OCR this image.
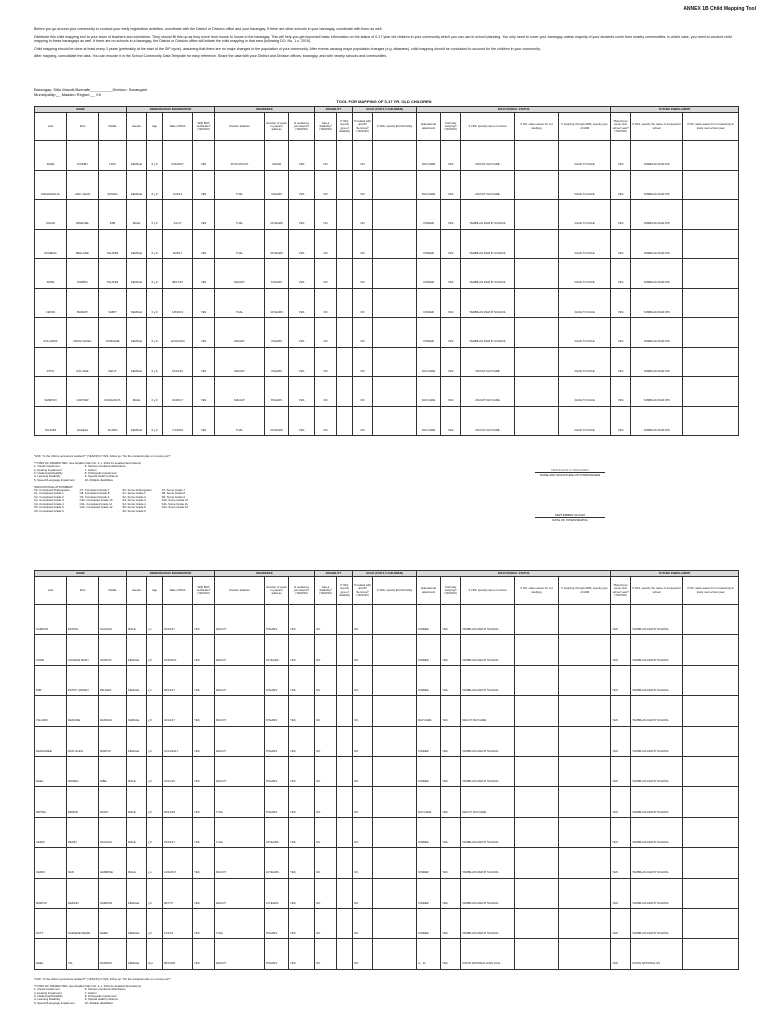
ANNEX 1B Child Mapping Tool

Before you go around your community to conduct your early registration activities, coordinate with the District or Division office and your barangay. If there are other schools in your barangay, coordinate with them as well.

Distribute this child mapping tool to your team of teachers and volunteers. They should fill this up as they move from house to house in the barangay. This will help you get important basic information on the status of 0-17 year old children in your community which you can use in school planning. You only need to cover your barangay unless majority of your students come from nearby communities, in which case, you need to conduct child mapping in these barangays as well. If there are no schools in a barangay, the District or Division office will initiate the child mapping in that area (following DO. No. 1 s. 2015).

Child mapping should be done at least every 3 years (preferably at the start of the SIP cycle), assuming that there are no major changes in the population of your community. After events causing major population changes (e.g. disasters), child mapping should be conducted to account for the children in your community.

After mapping, consolidate the data. You can encode it in the School Community Data Template for easy reference. Share the data with your District and Division offices, barangay, and with nearby schools and communities.

Barangay: Sitio Macott,Buenafe__________Division: Sarangani
Municipality:__ Maasim Region:__ XII
TOOL FOR MAPPING OF 0-17 YR. OLD CHILDREN
NAME			DEMOGRAPHIC INFORMATION				RESIDENCE			DISABILITY		ECCD (FOR 0-5 CHILDREN)		EDUCATIONAL STATUS					FUTURE ENROLLMENT		
Last	First	Middle	Gender	Age	Date of Birth	With Birth certificate? (YES/NO)	Present address	Number of years in present address	Is residence permanent? (YES/NO)	Has a disability? (YES/NO)	If YES, specify type of disability	Provided with ECCD Services? (YES/NO)	If YES, specify ECCD facility	Educational attainment	Currently studying? (YES/NO)	If YES, specify name of school	If NO, state reason for not studying	If studying through ADM, specify type of ADM	Planning to study next school year? (YES/NO)	If YES, specify the name of prospective school	If NO, state reason for not planning to study next school year
DAPE	SYDNEY	LING	FEMALE	0 y,0	9/16/2017	YES	SITIO MACOT	4YEAR	YES	NO		NO		DAYCARE	YES	MACOT DAYCARE		FACE TO FACE	YES	TAMBILAN DAM IPS	
MAGKANGUG	ARLY JEAN	SUMAN	FEMALE	0 y,0	1/26/14	YES	TUAL	4YEARS	YES	NO		NO		DAYCARE	YES	MACOT DAYCARE		FACE TO FACE	YES	TAMBILAN DAM IPS	
SULAN	JENEVIEL	DIBI	MALE	0 y,0	1/1/17	YES	TUAL	12YEARS	YES	NO		NO		KINDER	YES	TAMBILAN DAM IP SCHOOL		FACE TO FACE	YES	TAMBILAN DAM IPS	
DUMENG	BELLADE	TALANDI	FEMALE	0 y,0	9/29/17	YES	TUAL	10YEARS	YES	NO		NO		KINDER	YES	TAMBILAN DAM IP SCHOOL		FACE TO FACE	YES	TAMBILAN DAM IPS	
DAPE	DARBIA	TALANDI	FEMALE	0 y,0	08/17/12	YES	MACHIT	5YEARS	YES	NO		NO		KINDER	YES	TAMBILAN DAM IP SCHOOL		FACE TO FACE	YES	TAMBILAN DAM IPS	
CETAN	BARFAT	SABIT	FEMALE	0 y,0	1/8/2013	YES	TUAL	10YEARS	YES	NO		NO		KINDER	YES	TAMBILAN DAM IP SCHOOL		FACE TO FACE	YES	TAMBILAN DAM IPS	
SOLANDIA	FRANYLEVEL	TANDIANE	FEMALE	0 y,0	12/22/2014	YES	MACHIT	4YEARS	YES	NO		NO		KINDER	YES	TAMBILAN DAM IP SCHOOL		FACE TO FACE	YES	TAMBILAN DAM IPS	
ATTIC	KAL MAE	DELIT	FEMALE	0 y,0	10/24/16	YES	MACHIT	4YEARS	YES	NO		NO		DAYCARE	YES	MACOT DAYCARE		FACE TO FACE	YES	TAMBILAN DAM IPS	
SAMPON	CAPITER	MANGUDYA	MALE	0 y,0	01/30/17	YES	MACHIT	8YEARS	YES	NO		NO		DAYCARE	YES	MACOT DAYCARE		FACE TO FACE	YES	TAMBILAN DAM IPS	
TALANDI	ANGELA	SLIPAN	FEMALE	0 y,0	7/1/2016	YES	TUAL	10YEARS	YES	NO		NO		DAYCARE	YES	MACOT DAYCARE		FACE TO FACE	YES	TAMBILAN DAM IPS	
*ASK: "Is the child a permanent resident?" (YES/NO) If YES, follow up: "Do the residents plan on moving out?"

*TYPES OF DISABILITIES: (see DepEd Order No. 2, s. 2014 for detailed descriptions)
1- Visual Impairment
2- Hearing Impairment
3- Intellectual Disability
4- Learning Disability
5- Speech/Language Impairment
6- Serious emotional disturbance
7- Autism
8- Orthopedic Impairment
9- Special health problems
10- Multiple disabilities

*EDUCATIONAL ATTAINMENT:
C0- Completed Kindergarten
C1- Completed Grade 1
C2- Completed Grade 2
C3- Completed Grade 3
C4- Completed Grade 4
C5- Completed Grade 5
C6- Completed Grade 6
C7- Completed Grade 7
C8- Completed Grade 8
C9- Completed Grade 9
C10- Completed Grade 10
C11- Completed Grade 11
C12- Completed Grade 12
S0- Some Kindergarten
S1- Some Grade 1
S2- Some Grade 2
S3- Some Grade 3
S4- Some Grade 4
S5- Some Grade 5
S6- Some Grade 6
S7- Some Grade 7
S8- Some Grade 8
S9- Some Grade 9
S10- Some Grade 10
S11- Some Grade 11
S12- Some Grade 12
FRANCALIN A. DIAGAMAN
NAME AND SIGNATURE OF INTERVIEWER
SEPTEMBER 30,2022
DATE OF INTERVIEWING
NAME			DEMOGRAPHIC INFORMATION				RESIDENCE			DISABILITY		ECCD (FOR 0-5 CHILDREN)		EDUCATIONAL STATUS					FUTURE ENROLLMENT		
Last	First	Middle	Gender	Age	Date of Birth	With Birth certificate? (YES/NO)	Present address	Number of years in present address	Is residence permanent? (YES/NO)	Has a disability? (YES/NO)	If YES, specify type of disability	Provided with ECCD Services? (YES/NO)	If YES, specify ECCD facility	Educational attainment	Currently studying? (YES/NO)	If YES, specify name of school	If NO, state reason for not studying	If studying through ADM, specify type of ADM	Planning to study next school year? (YES/NO)	If YES, specify the name of prospective school	If NO, state reason for not planning to study next school year
SAMPON	ESTING	SALIKAN	MALE	y,o	02/16/17	YES	MACOT	5YEARS	YES	NO		NO		KINDER	YES	TAMBILAN DAM IP SCHOOL			YES	TAMBILAN DAM IP SCHOOL	
CODE	CHARLIE MARY	SANTOS	FEMALE	y,0	10/5/2017	YES	MACOT	10YEARS	YES	NO		NO		KINDER	YES	TAMBILAN DAM IP SCHOOL			YES	TAMBILAN DAM IP SCHOOL	
DIBI	ESTRY JANNEY	PALMAN	FEMALE	y,o	06/14/17	YES	MACOT	9YEARS	YES	NO		NO		KINDER	YES	TAMBILAN DAM IP SCHOOL			YES	TAMBILAN DAM IP SCHOOL	
TALANDI	DEKANIE	DANDAN	FEMALE	y,0	02/12/17	YES	MACOT	8YEARS	YES	NO		NO		DAYCARE	YES	MACOT DAYCARE			YES	TAMBILAN DAM IP SCHOOL	
DEDGADEE	RAFI GLEN	MARTIN	FEMALE	y,0	01/21/2017	YES	MACOT	8YEARS	YES	NO		NO		KINDER	YES	TAMBILAN DAM IP SCHOOL			YES	TAMBILAN DAM IP SCHOOL	
DEEL	ROMEO	DIBE	MALE	y,0	01/11/19	YES	MACOT	8YEARS	YES	NO		NO		KINDER	YES	TAMBILAN DAM IP SCHOOL			YES	TAMBILAN DAM IP SCHOOL	
MIPING	ERNAR	DAGIT	MALE	y,0	06/14/18	YES	TUAL	8YEARS	YES	NO		NO		DAYCARE	YES	MACOT DAYCARE			YES	TAMBILAN DAM IP SCHOOL	
CEDIN	DEKIN	SALIKAN	MALE	y,0	01/01/17	YES	TUAL	10YEARS	YES	NO		NO		KINDER	YES	TAMBILAN DAM IP SCHOOL			YES	TAMBILAN DAM IP SCHOOL	
CEDIN	SAN	GAMBINE	MALE	y,o	11/2/2017	YES	MACOT	10YEARS	YES	NO		NO		KINDER	YES	TAMBILAN DAM IP SCHOOL			YES	TAMBILAN DAM IP SCHOOL	
MARTIN	DEDAIN	SAMPON	FEMALE	y,0	06/7/17	YES	MACOT	11YEARS	YES	NO		NO		KINDER	YES	TAMBILAN DAM IP SCHOOL			YES	TAMBILAN DAM IP SCHOOL	
DUTT	SARLESE PEARL	DEMA	FEMALE	y,0	11/1/16	YES	TUAL	8YEARS	YES	NO		NO		KINDER	YES	TAMBILAN DAM IP SCHOOL			YES	TAMBILAN DAM IP SCHOOL	
DEEL	TAL	DANDAN	FEMALE	0y,o	05/31/08	YES	MACOT	8YEARS	YES	NO		NO		G - 11	YES	CISON NATIONAL HIGH SCH...			YES	CISON NATIONAL HS	
*ASK: "Is the child a permanent resident?" (YES/NO) If YES, follow up: "Do the residents plan on moving out?"

*TYPES OF DISABILITIES: (see DepEd Order No. 2, s. 2014 for detailed descriptions)
1- Visual Impairment
2- Hearing Impairment
3- Intellectual Disability
4- Learning Disability
5- Speech/Language Impairment
6- Serious emotional disturbance
7- Autism
8- Orthopedic Impairment
9- Special health problems
10- Multiple disabilities
